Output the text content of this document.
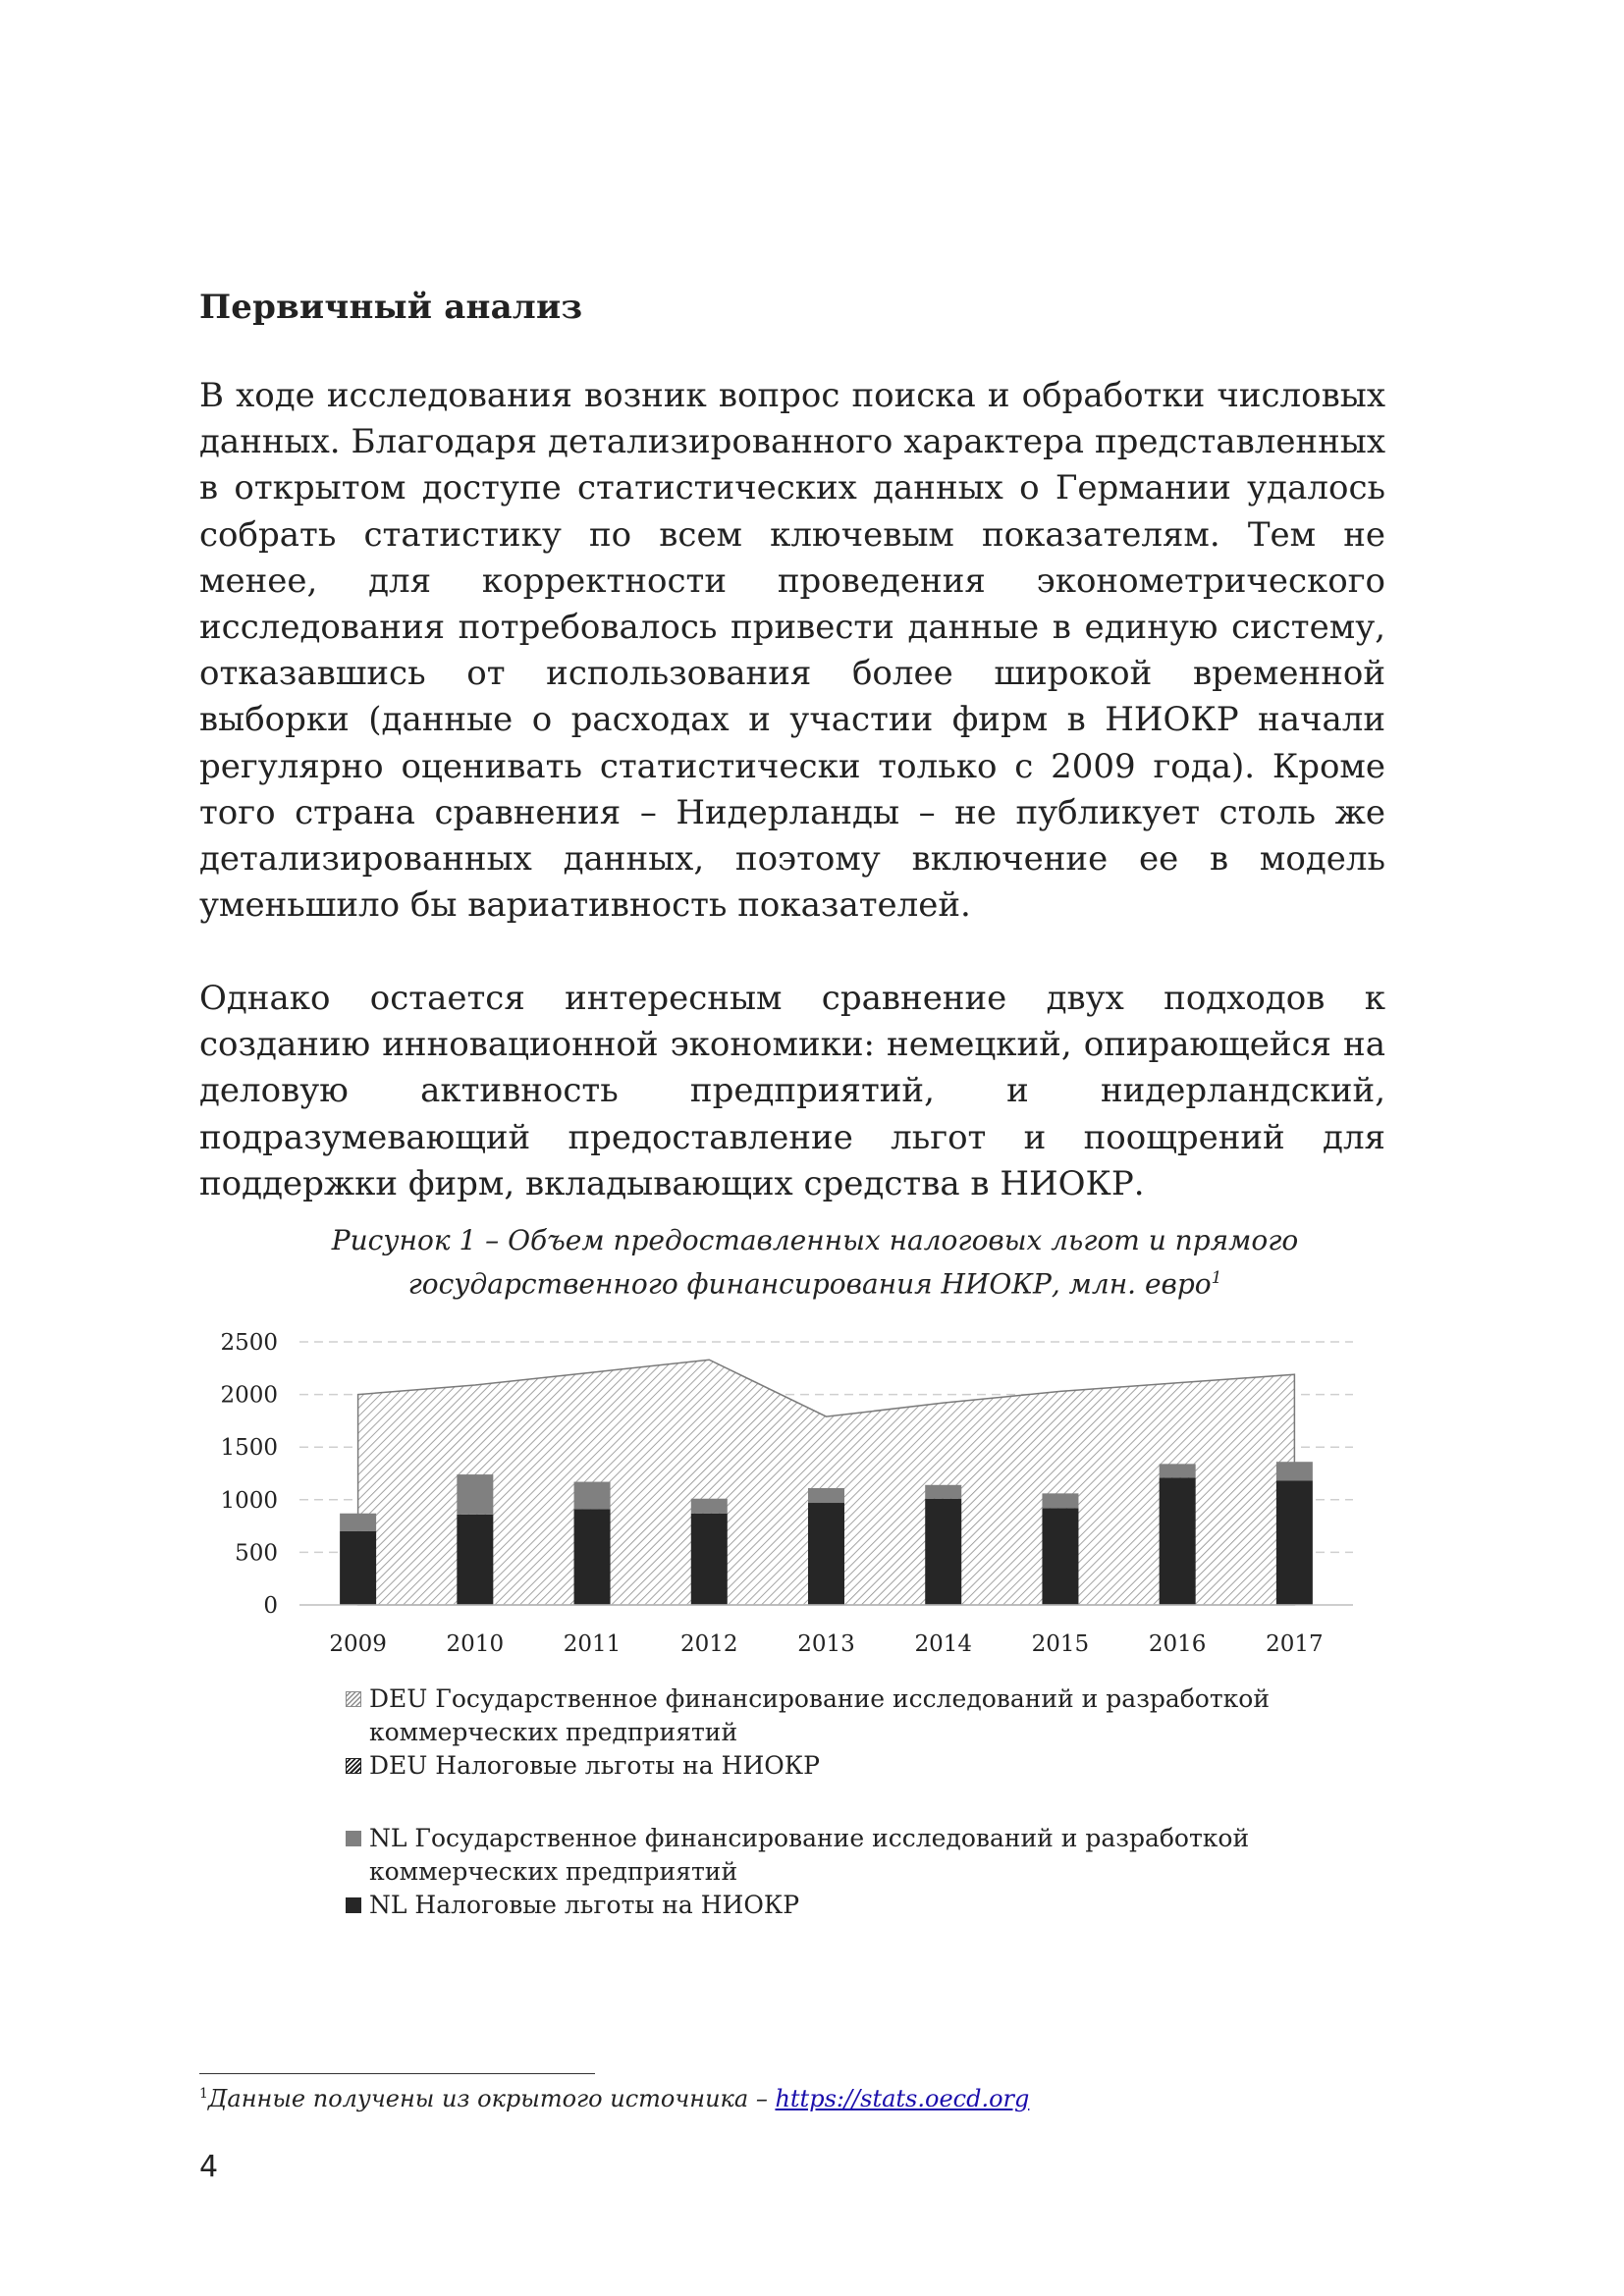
Первичный анализ

В ходе исследования возник вопрос поиска и обработки числовых данных. Благодаря детализированного характера представленных в открытом доступе статистических данных о Германии удалось собрать статистику по всем ключевым показателям. Тем не менее, для корректности проведения эконометрического исследования потребовалось привести данные в единую систему, отказавшись от использования более широкой временной выборки (данные о расходах и участии фирм в НИОКР начали регулярно оценивать статистически только с 2009 года). Кроме того страна сравнения – Нидерланды – не публикует столь же детализированных данных, поэтому включение ее в модель уменьшило бы вариативность показателей.

Однако остается интересным сравнение двух подходов к созданию инновационной экономики: немецкий, опирающейся на деловую активность предприятий, и нидерландский, подразумевающий предоставление льгот и поощрений для поддержки фирм, вкладывающих средства в НИОКР.

Рисунок 1 – Объем предоставленных налоговых льгот и прямого государственного финансирования НИОКР, млн. евро$^1$

0
500
1000
1500
2000
2500
2009	2010	2011	2012	2013	2014	2015	2016	2017
DEU Государственное финансирование исследований и разработкой коммерческих предприятий
DEU Налоговые льготы на НИОКР
NL Государственное финансирование исследований и разработкой коммерческих предприятий
NL Налоговые льготы на НИОКР
$^1$Данные получены из окрытого источника – https://stats.oecd.org
4
